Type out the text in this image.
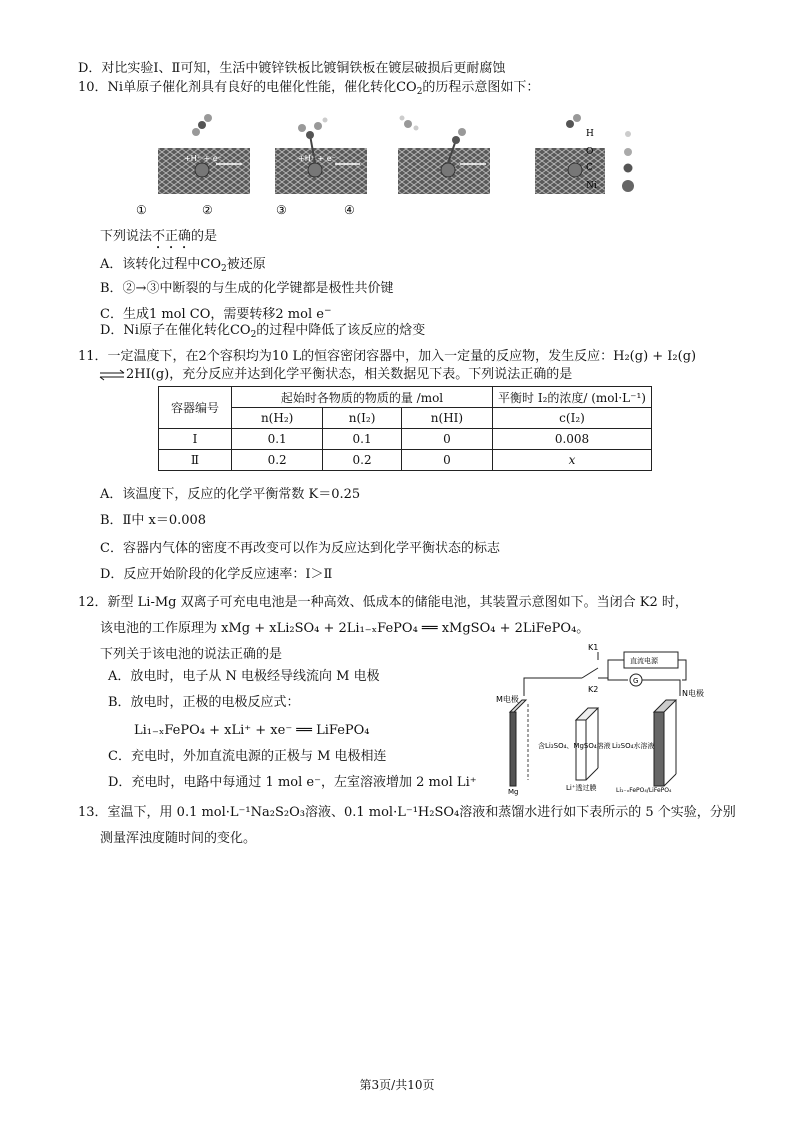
D．对比实验Ⅰ、Ⅱ可知，生活中镀锌铁板比镀铜铁板在镀层破损后更耐腐蚀
10．Ni单原子催化剂具有良好的电催化性能，催化转化$CO_2$的历程示意图如下：
+H⁺ + e⁻	+H⁺ + e⁻
H
O
C
Ni
①	②	③	④
下列说法不正确的是
A．该转化过程中$CO_2$被还原
B．②→③中断裂的与生成的化学键都是极性共价键
C．生成1 mol CO，需要转移2 mol e−
D．Ni原子在催化转化$CO_2$的过程中降低了该反应的焓变
11．一定温度下，在2个容积均为10 L的恒容密闭容器中，加入一定量的反应物，发生反应：H₂(g) + I₂(g)
⇌ 2HI(g)，充分反应并达到化学平衡状态，相关数据见下表。下列说法正确的是
容器编号	起始时各物质的物质的量 /mol			平衡时 I₂的浓度/ (mol·L⁻¹)
	n(H₂)	n(I₂)	n(HI)	c(I₂)
Ⅰ	0.1	0.1	0	0.008
Ⅱ	0.2	0.2	0	x
A．该温度下，反应的化学平衡常数 K＝0.25
B．Ⅱ中 x＝0.008
C．容器内气体的密度不再改变可以作为反应达到化学平衡状态的标志
D．反应开始阶段的化学反应速率：Ⅰ＞Ⅱ
12．新型 Li-Mg 双离子可充电电池是一种高效、低成本的储能电池，其装置示意图如下。当闭合 K2 时，
该电池的工作原理为 xMg + xLi₂SO₄ + 2Li₁₋ₓFePO₄ ══ xMgSO₄ + 2LiFePO₄。
下列关于该电池的说法正确的是
A．放电时，电子从 N 电极经导线流向 M 电极
B．放电时，正极的电极反应式：
Li₁₋ₓFePO₄ + xLi⁺ + xe⁻ ══ LiFePO₄
C．充电时，外加直流电源的正极与 M 电极相连
D．充电时，电路中每通过 1 mol e⁻，左室溶液增加 2 mol Li⁺
直流电源
G
K1
K2
M电极
Mg	Li⁺透过膜
含Li₂SO₄、MgSO₄溶液 Li₂SO₄水溶液
N电极
Li₁₋ₓFePO₄/LiFePO₄
13．室温下，用 0.1 mol·L⁻¹Na₂S₂O₃溶液、0.1 mol·L⁻¹H₂SO₄溶液和蒸馏水进行如下表所示的 5 个实验，分别
测量浑浊度随时间的变化。
第3页/共10页
